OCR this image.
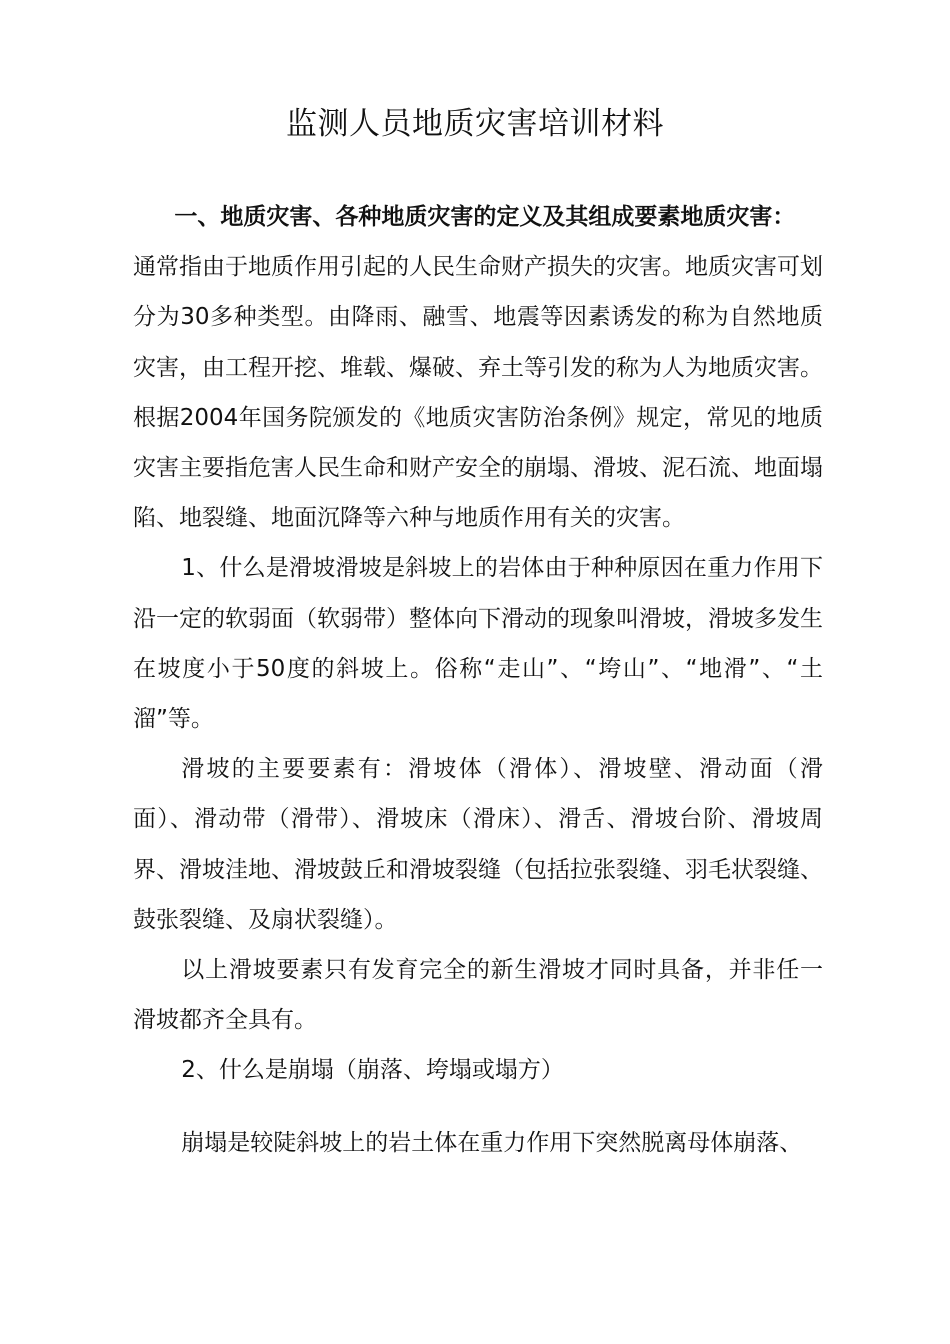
监测人员地质灾害培训材料

一、地质灾害、各种地质灾害的定义及其组成要素地质灾害：

通常指由于地质作用引起的人民生命财产损失的灾害。地质灾害可划分为30多种类型。由降雨、融雪、地震等因素诱发的称为自然地质灾害，由工程开挖、堆载、爆破、弃土等引发的称为人为地质灾害。根据2004年国务院颁发的《地质灾害防治条例》规定，常见的地质灾害主要指危害人民生命和财产安全的崩塌、滑坡、泥石流、地面塌陷、地裂缝、地面沉降等六种与地质作用有关的灾害。

1、什么是滑坡滑坡是斜坡上的岩体由于种种原因在重力作用下沿一定的软弱面（软弱带）整体向下滑动的现象叫滑坡，滑坡多发生在坡度小于50度的斜坡上。俗称“走山”、“垮山”、“地滑”、“土溜”等。

滑坡的主要要素有：滑坡体（滑体）、滑坡壁、滑动面（滑面）、滑动带（滑带）、滑坡床（滑床）、滑舌、滑坡台阶、滑坡周界、滑坡洼地、滑坡鼓丘和滑坡裂缝（包括拉张裂缝、羽毛状裂缝、鼓张裂缝、及扇状裂缝）。

以上滑坡要素只有发育完全的新生滑坡才同时具备，并非任一滑坡都齐全具有。

2、什么是崩塌（崩落、垮塌或塌方）

崩塌是较陡斜坡上的岩土体在重力作用下突然脱离母体崩落、
